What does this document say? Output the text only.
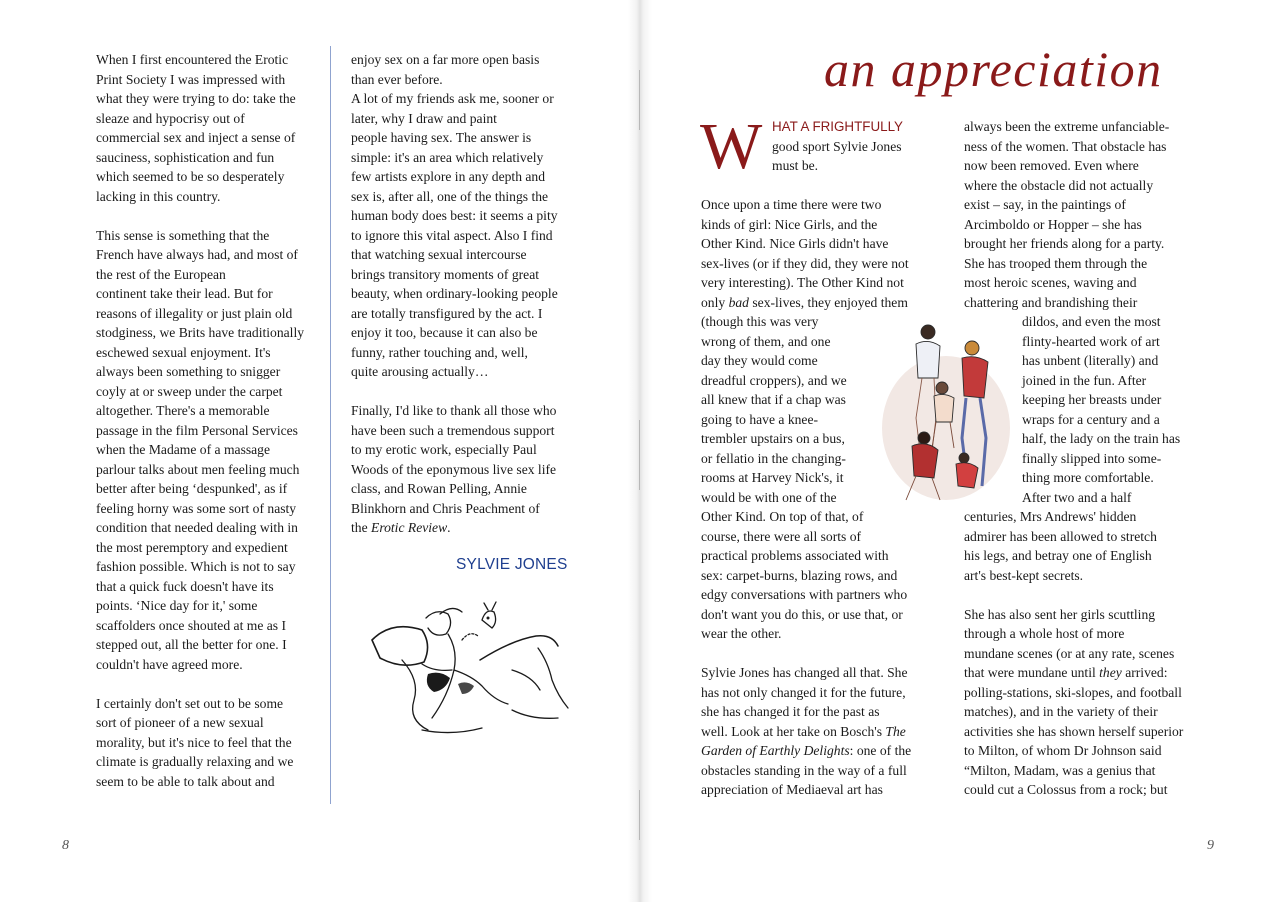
When I first encountered the Erotic
Print Society I was impressed with
what they were trying to do: take the
sleaze and hypocrisy out of
commercial sex and inject a sense of
sauciness, sophistication and fun
which seemed to be so desperately
lacking in this country.

This sense is something that the
French have always had, and most of
the rest of the European
continent take their lead. But for
reasons of illegality or just plain old
stodginess, we Brits have traditionally
eschewed sexual enjoyment. It's
always been something to snigger
coyly at or sweep under the carpet
altogether. There's a memorable
passage in the film Personal Services
when the Madame of a massage
parlour talks about men feeling much
better after being ‘despunked', as if
feeling horny was some sort of nasty
condition that needed dealing with in
the most peremptory and expedient
fashion possible. Which is not to say
that a quick fuck doesn't have its
points. ‘Nice day for it,' some
scaffolders once shouted at me as I
stepped out, all the better for one. I
couldn't have agreed more.

I certainly don't set out to be some
sort of pioneer of a new sexual
morality, but it's nice to feel that the
climate is gradually relaxing and we
seem to be able to talk about and

enjoy sex on a far more open basis
than ever before.
A lot of my friends ask me, sooner or
later, why I draw and paint
people having sex. The answer is
simple: it's an area which relatively
few artists explore in any depth and
sex is, after all, one of the things the
human body does best: it seems a pity
to ignore this vital aspect. Also I find
that watching sexual intercourse
brings transitory moments of great
beauty, when ordinary-looking people
are totally transfigured by the act. I
enjoy it too, because it can also be
funny, rather touching and, well,
quite arousing actually…

Finally, I'd like to thank all those who
have been such a tremendous support
to my erotic work, especially Paul
Woods of the eponymous live sex life
class, and Rowan Pelling, Annie
Blinkhorn and Chris Peachment of
the Erotic Review.

SYLVIE JONES
8
an appreciation
W HAT A FRIGHTFULLY
good sport Sylvie Jones
must be.

Once upon a time there were two
kinds of girl: Nice Girls, and the
Other Kind. Nice Girls didn't have
sex-lives (or if they did, they were not
very interesting). The Other Kind not
only bad sex-lives, they enjoyed them
(though this was very
wrong of them, and one
day they would come
dreadful croppers), and we
all knew that if a chap was
going to have a knee-
trembler upstairs on a bus,
or fellatio in the changing-
rooms at Harvey Nick's, it
would be with one of the
Other Kind. On top of that, of
course, there were all sorts of
practical problems associated with
sex: carpet-burns, blazing rows, and
edgy conversations with partners who
don't want you do this, or use that, or
wear the other.

Sylvie Jones has changed all that. She
has not only changed it for the future,
she has changed it for the past as
well. Look at her take on Bosch's The
Garden of Earthly Delights: one of the
obstacles standing in the way of a full
appreciation of Mediaeval art has

always been the extreme unfanciable-
ness of the women. That obstacle has
now been removed. Even where
where the obstacle did not actually
exist – say, in the paintings of
Arcimboldo or Hopper – she has
brought her friends along for a party.
She has trooped them through the
most heroic scenes, waving and
chattering and brandishing their

dildos, and even the most
flinty-hearted work of art
has unbent (literally) and
joined in the fun. After
keeping her breasts under
wraps for a century and a
half, the lady on the train has
finally slipped into some-
thing more comfortable.
After two and a half
centuries, Mrs Andrews' hidden
admirer has been allowed to stretch
his legs, and betray one of English
art's best-kept secrets.

She has also sent her girls scuttling
through a whole host of more
mundane scenes (or at any rate, scenes
that were mundane until they arrived:
polling-stations, ski-slopes, and football
matches), and in the variety of their
activities she has shown herself superior
to Milton, of whom Dr Johnson said
“Milton, Madam, was a genius that
could cut a Colossus from a rock; but

9
